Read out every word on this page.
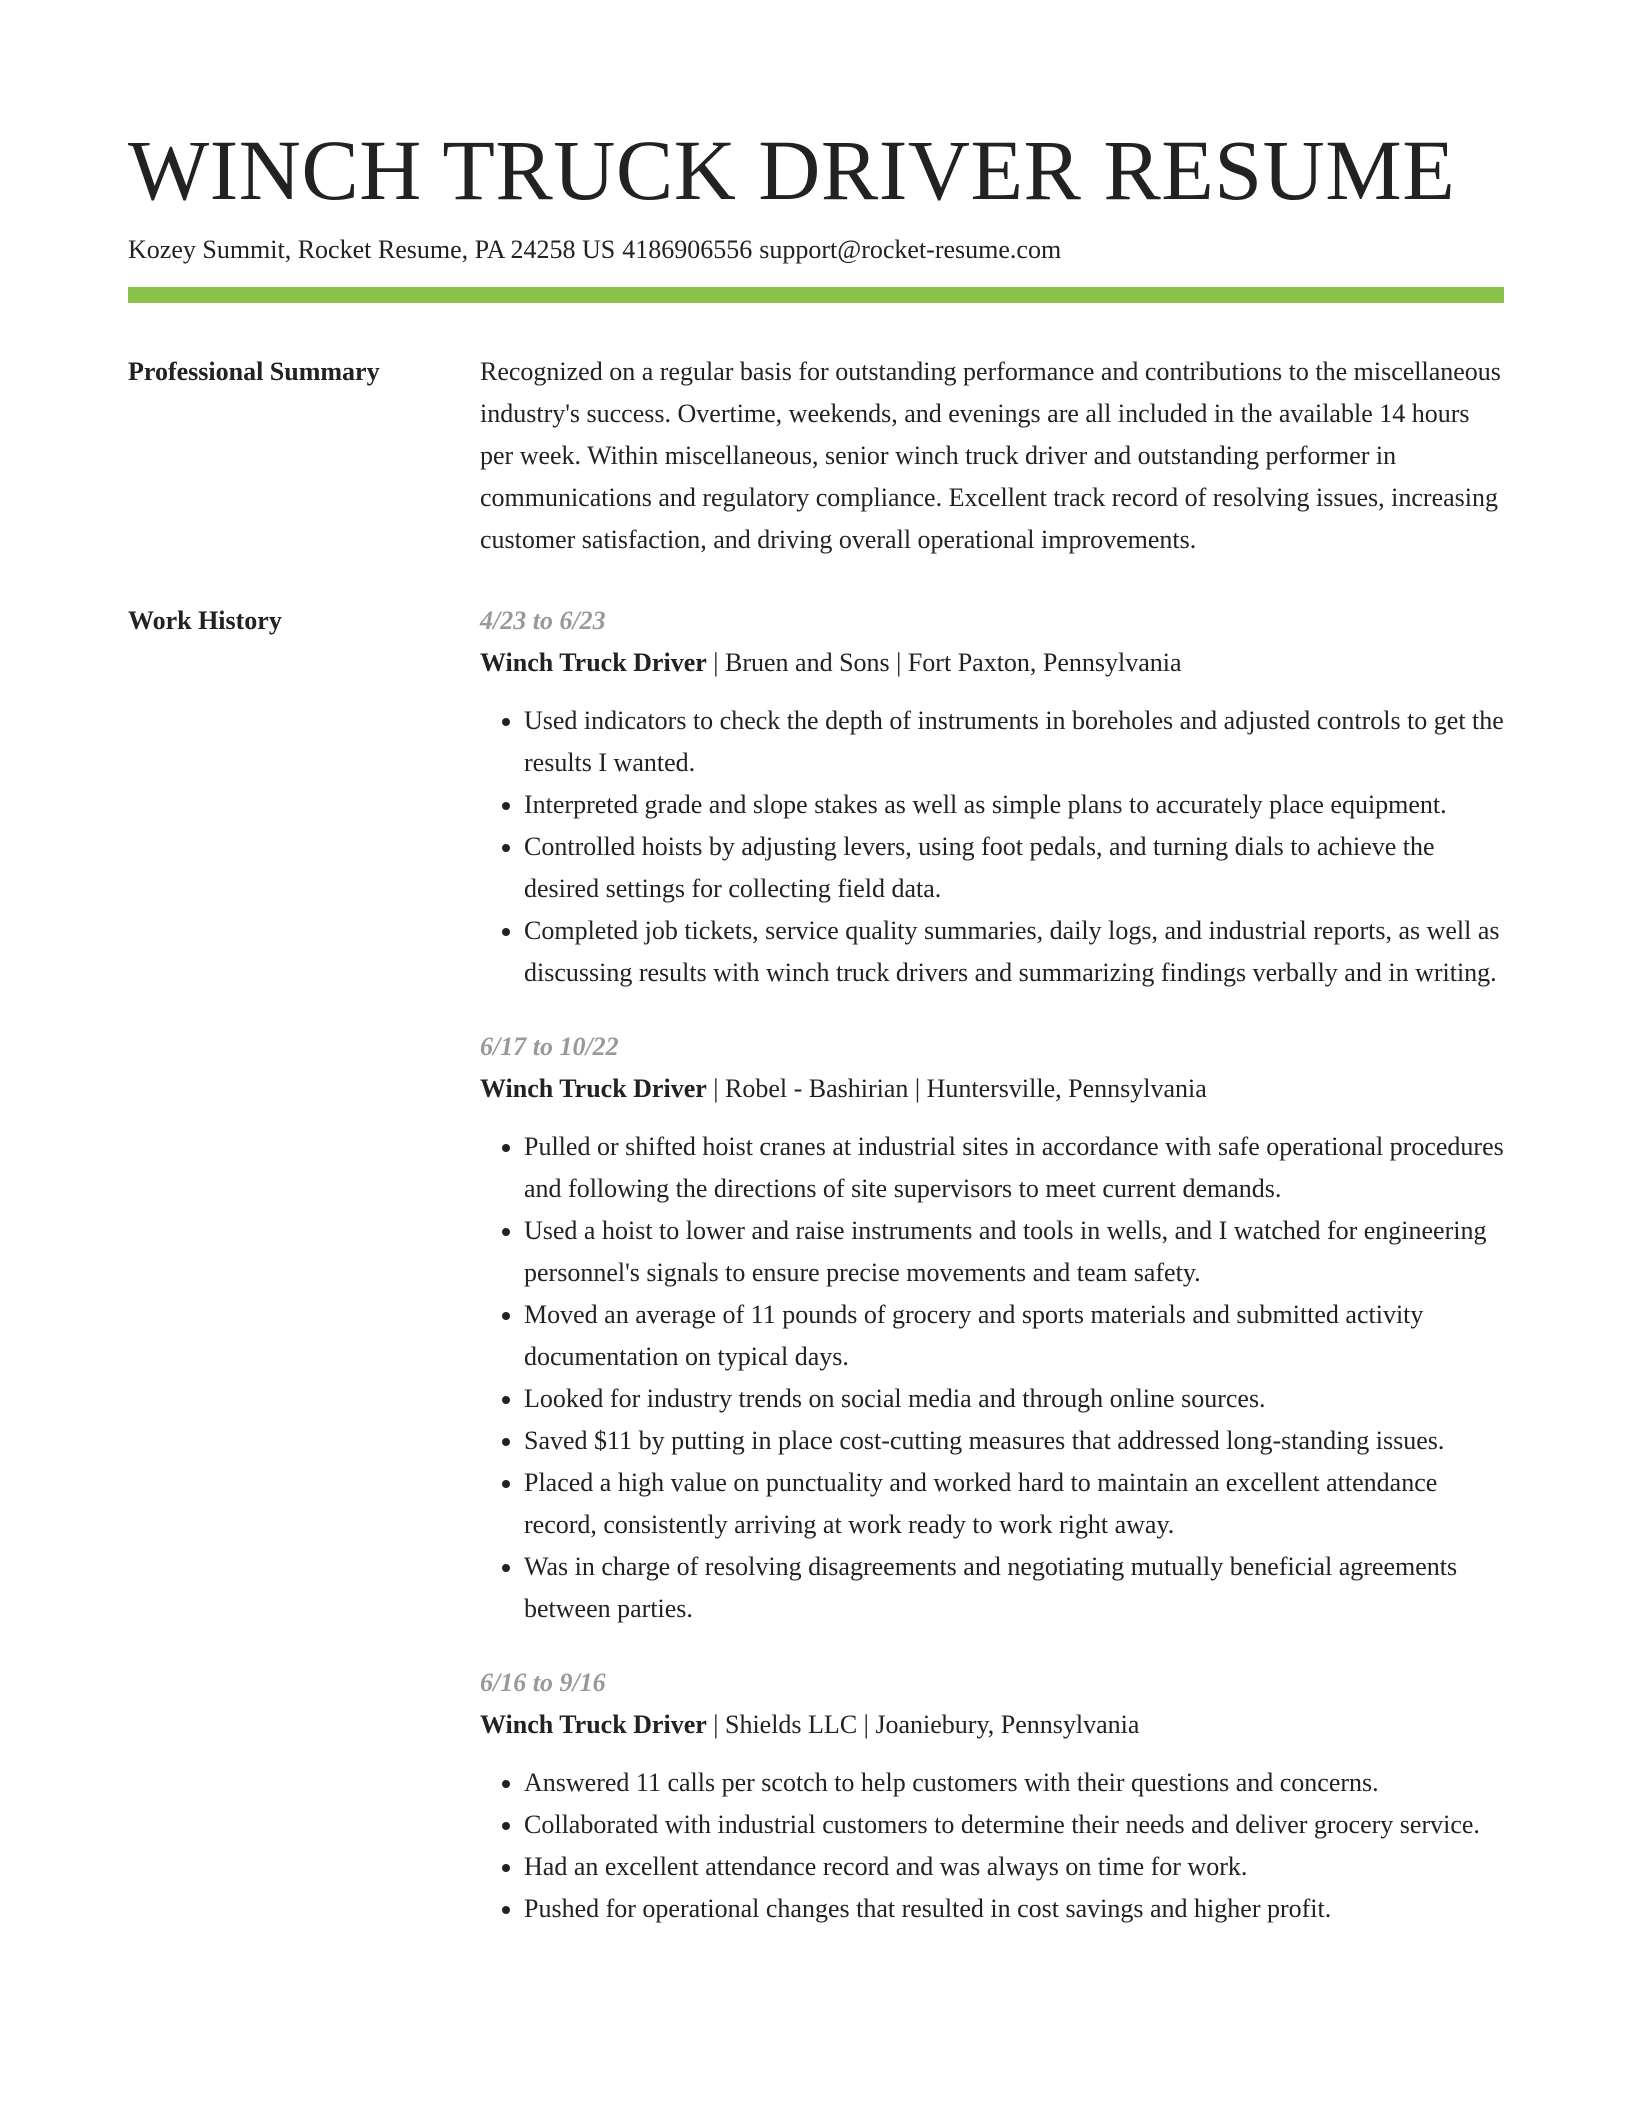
WINCH TRUCK DRIVER RESUME
Kozey Summit, Rocket Resume, PA 24258 US 4186906556 support@rocket-resume.com
Professional Summary	Recognized on a regular basis for outstanding performance and contributions to the miscellaneous industry's success. Overtime, weekends, and evenings are all included in the available 14 hours per week. Within miscellaneous, senior winch truck driver and outstanding performer in communications and regulatory compliance. Excellent track record of resolving issues, increasing customer satisfaction, and driving overall operational improvements.

Work History	4/23 to 6/23
Winch Truck Driver | Bruen and Sons | Fort Paxton, Pennsylvania
• Used indicators to check the depth of instruments in boreholes and adjusted controls to get the results I wanted.
• Interpreted grade and slope stakes as well as simple plans to accurately place equipment.
• Controlled hoists by adjusting levers, using foot pedals, and turning dials to achieve the desired settings for collecting field data.
• Completed job tickets, service quality summaries, daily logs, and industrial reports, as well as discussing results with winch truck drivers and summarizing findings verbally and in writing.
6/17 to 10/22
Winch Truck Driver | Robel - Bashirian | Huntersville, Pennsylvania
• Pulled or shifted hoist cranes at industrial sites in accordance with safe operational procedures and following the directions of site supervisors to meet current demands.
• Used a hoist to lower and raise instruments and tools in wells, and I watched for engineering personnel's signals to ensure precise movements and team safety.
• Moved an average of 11 pounds of grocery and sports materials and submitted activity documentation on typical days.
• Looked for industry trends on social media and through online sources.
• Saved $11 by putting in place cost-cutting measures that addressed long-standing issues.
• Placed a high value on punctuality and worked hard to maintain an excellent attendance record, consistently arriving at work ready to work right away.
• Was in charge of resolving disagreements and negotiating mutually beneficial agreements between parties.
6/16 to 9/16
Winch Truck Driver | Shields LLC | Joaniebury, Pennsylvania
• Answered 11 calls per scotch to help customers with their questions and concerns.
• Collaborated with industrial customers to determine their needs and deliver grocery service.
• Had an excellent attendance record and was always on time for work.
• Pushed for operational changes that resulted in cost savings and higher profit.
